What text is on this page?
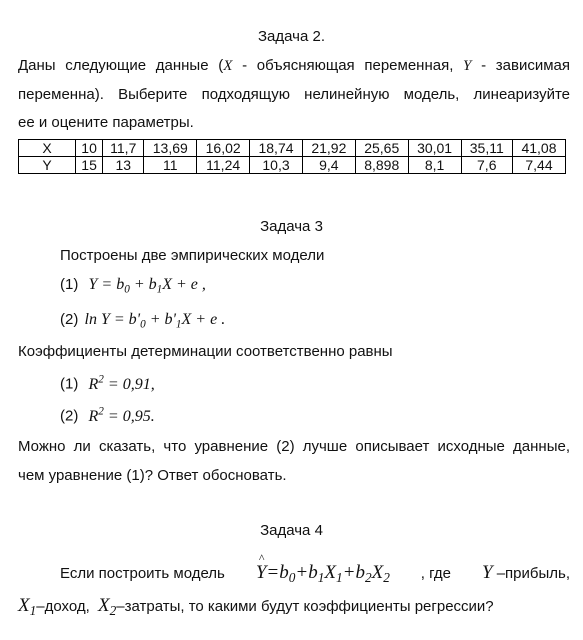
Задача 2.
Даны следующие данные (X - объясняющая переменная, Y - зависимая
переменна). Выберите подходящую нелинейную модель, линеаризуйте
ее и оцените параметры.
X	10	11,7	13,69	16,02	18,74	21,92	25,65	30,01	35,11	41,08
Y	15	13	11	11,24	10,3	9,4	8,898	8,1	7,6	7,44
Задача 3
Построены две эмпирических модели
(1) $Y = b_0 + b_1X + e$ ,
(2) $\ln Y = b'_0 + b'_1X + e$ .
Коэффициенты детерминации соответственно равны
(1) $R^2 = 0,91$,
(2) $R^2 = 0,95$.
Можно ли сказать, что уравнение (2) лучше описывает исходные данные,
чем уравнение (1)? Ответ обосновать.
Задача 4
Если построить модель ^ $Y=b_0+b_1X_1+b_2X_2$ , где Y –прибыль,
$X_1$–доход, $X_2$–затраты, то какими будут коэффициенты регрессии?
